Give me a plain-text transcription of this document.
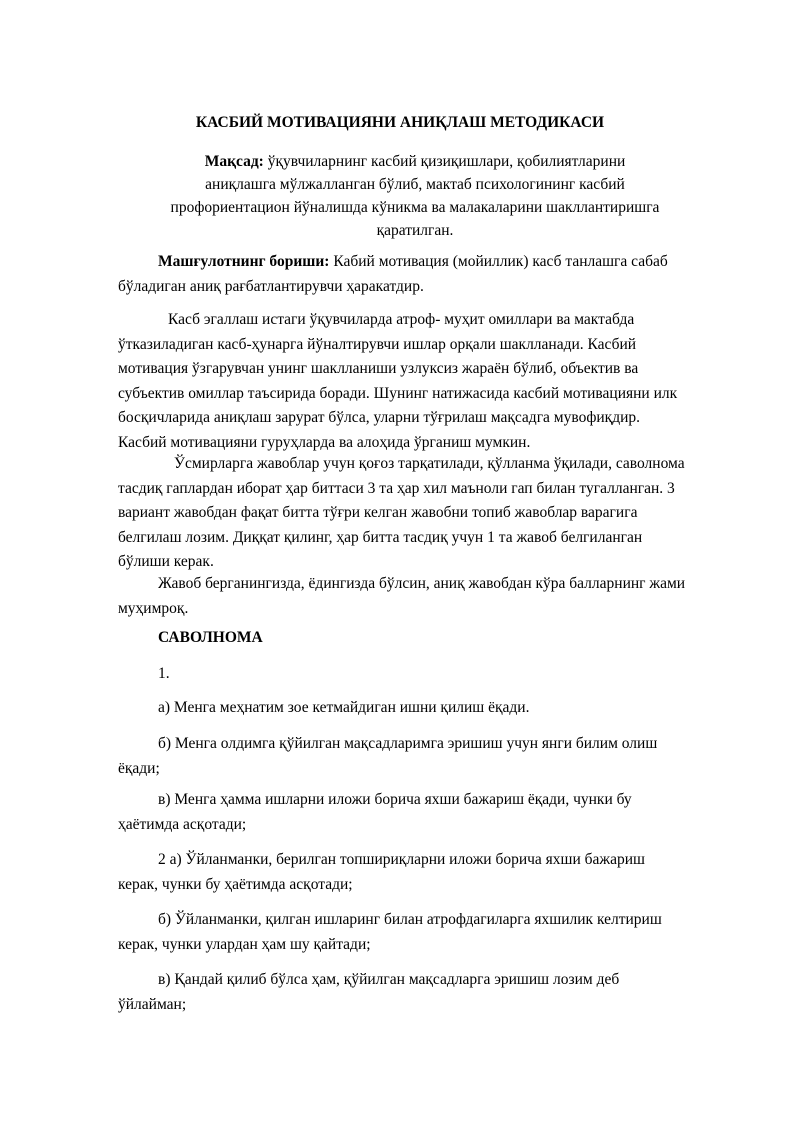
КАСБИЙ МОТИВАЦИЯНИ АНИҚЛАШ МЕТОДИКАСИ

Мақсад: ўқувчиларнинг касбий қизиқишлари, қобилиятларини аниқлашга мўлжалланган бўлиб, мактаб психологининг касбий профориентацион йўналишда кўникма ва малакаларини шакллантиришга қаратилган.

Машғулотнинг бориши: Кабий мотивация (мойиллик) касб танлашга сабаб бўладиган аниқ рағбатлантирувчи ҳаракатдир.

Касб эгаллаш истаги ўқувчиларда атроф- муҳит омиллари ва мактабда ўтказиладиган касб-ҳунарга йўналтирувчи ишлар орқали шаклланади. Касбий мотивация ўзгарувчан унинг шаклланиши узлуксиз жараён бўлиб, объектив ва субъектив омиллар таъсирида боради. Шунинг натижасида касбий мотивацияни илк босқичларида аниқлаш зарурат бўлса, уларни тўғрилаш мақсадга мувофиқдир. Касбий мотивацияни гуруҳларда ва алоҳида ўрганиш мумкин.

Ўсмирларга жавоблар учун қоғоз тарқатилади, қўлланма ўқилади, саволнома тасдиқ гаплардан иборат ҳар биттаси 3 та ҳар хил маъноли гап билан тугалланган. 3 вариант жавобдан фақат битта тўғри келган жавобни топиб жавоблар варагига белгилаш лозим. Диққат қилинг, ҳар битта тасдиқ учун 1 та жавоб белгиланган бўлиши керак.

Жавоб берганингизда, ёдингизда бўлсин, аниқ жавобдан кўра балларнинг жами муҳимроқ.

САВОЛНОМА

1.

а) Менга меҳнатим зое кетмайдиган ишни қилиш ёқади.

б) Менга олдимга қўйилган мақсадларимга эришиш учун янги билим олиш ёқади;

в) Менга ҳамма ишларни иложи борича яхши бажариш ёқади, чунки бу ҳаётимда асқотади;

2 а) Ўйланманки, берилган топшириқларни иложи борича яхши бажариш керак, чунки бу ҳаётимда асқотади;

б) Ўйланманки, қилган ишларинг билан атрофдагиларга яхшилик келтириш керак, чунки улардан ҳам шу қайтади;

в) Қандай қилиб бўлса ҳам, қўйилган мақсадларга эришиш лозим деб ўйлайман;
